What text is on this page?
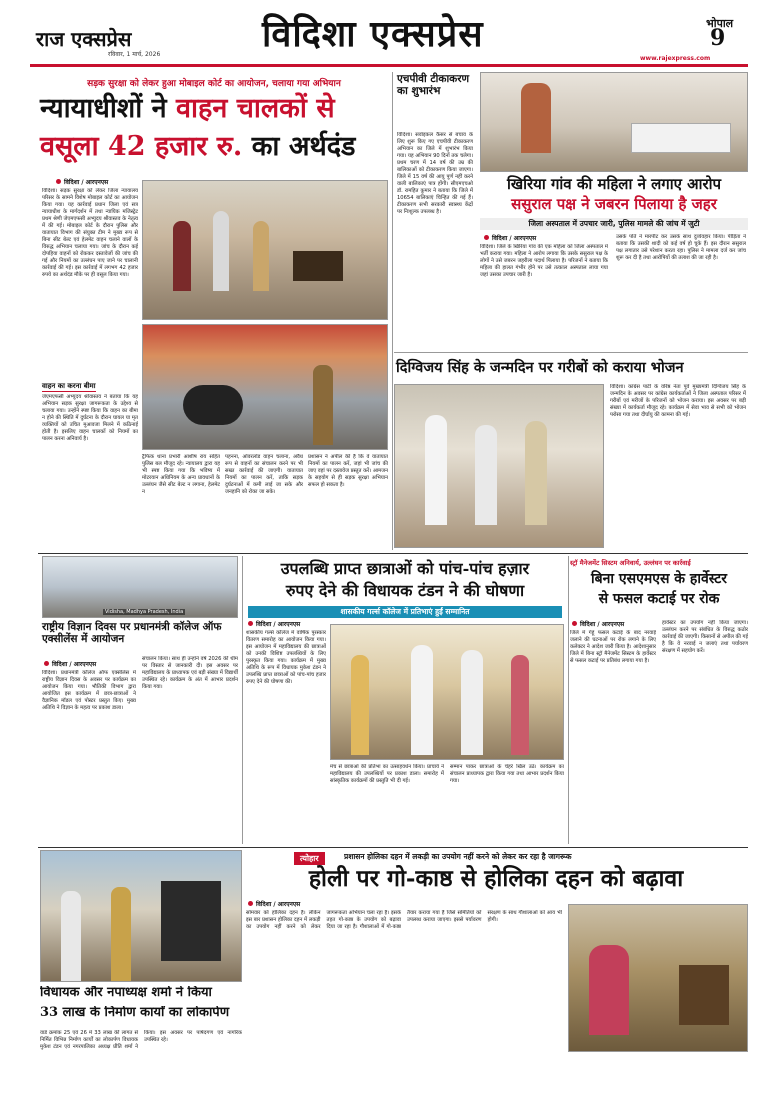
राज एक्सप्रेस
रविवार, 1 मार्च, 2026	विदिशा एक्सप्रेस	भोपाल
9
www.rajexpress.com
सड़क सुरक्षा को लेकर हुआ मोबाइल कोर्ट का आयोजन, चलाया गया अभियान
न्यायाधीशों ने वाहन चालकों से
वसूला 42 हजार रु. का अर्थदंड
विदिशा / आरएनएस
विदिशा। सड़क सुरक्षा को लेकर जिला न्यायालय परिसर के सामने विशेष मोबाइल कोर्ट का आयोजन किया गया। यह कार्रवाई प्रधान जिला एवं सत्र न्यायाधीश के मार्गदर्शन में तथा न्यायिक मजिस्ट्रेट प्रथम श्रेणी जेएमएफसी अभ्युदय श्रीवास्तव के नेतृत्व में की गई। मोबाइल कोर्ट के दौरान पुलिस और यातायात विभाग की संयुक्त टीम ने मुख्य रूप से बिना सीट बेल्ट एवं हेलमेट वाहन चलाने वालों के विरुद्ध अभियान चलाया गया। जांच के दौरान कई दोपहिया वाहनों को रोककर दस्तावेजों की जांच की गई और नियमों का उल्लंघन पाए जाने पर चालानी कार्रवाई की गई। इस कार्रवाई में लगभग 42 हजार रुपये का अर्थदंड मौके पर ही वसूल किया गया।
वाहन का करना बीमा
जेएमएफसी अभ्युदय श्रीवास्तव ने बताया कि यह अभियान सड़क सुरक्षा जागरूकता के उद्देश्य से चलाया गया। उन्होंने स्पष्ट किया कि वाहन का बीमा न होने की स्थिति में दुर्घटना के दौरान घायल या मृत व्यक्तियों को उचित मुआवजा मिलने में कठिनाई होती है। इसलिए वाहन चालकों को नियमों का पालन करना अनिवार्य है।
ट्रैफिक थाना प्रभारी आशीष राय सहित पुलिस बल मौजूद रहे। न्यायालय द्वारा यह भी स्पष्ट किया गया कि भविष्य में मोटरयान अधिनियम के अन्य प्रावधानों के उल्लंघन जैसे सीट बेल्ट न लगाना, हेलमेट न
पहनना, ओवरलोड वाहन चलाना, अवैध रूप से वाहनों का संचालन करने पर भी सख्त कार्रवाई की जाएगी। यातायात नियमों का पालन करें, ताकि सड़क दुर्घटनाओं में कमी लाई जा सके और जनहानि को रोका जा सके।
प्रशासन ने अपील की है कि वे यातायात नियमों का पालन करें, जहां भी जांच की जाए वहां पर दस्तावेज प्रस्तुत करें। आमजन के सहयोग से ही सड़क सुरक्षा अभियान सफल हो सकता है।
एचपीवी टीकाकरण का शुभारंभ
विदिशा। सर्वाइकल कैंसर से बचाव के लिए शुरू किए गए एचपीवी टीकाकरण अभियान का जिले में शुभारंभ किया गया। यह अभियान 90 दिनों तक चलेगा। प्रथम चरण में 14 वर्ष की उम्र की बालिकाओं को टीकाकरण किया जाएगा। जिले में 15 वर्ष की आयु पूर्ण नहीं करने वाली बालिकाएं पात्र होंगी। सीएमएचओ डॉ. रामहित कुमार ने बताया कि जिले में 10654 बालिकाएं चिन्हित की गई हैं। टीकाकरण सभी सरकारी स्वास्थ्य केंद्रों पर निःशुल्क उपलब्ध है।
खिरिया गांव की महिला ने लगाए आरोप
ससुराल पक्ष ने जबरन पिलाया है जहर
जिला अस्पताल में उपचार जारी, पुलिस मामले की जांच में जुटी
विदिशा / आरएनएस
विदिशा। जिले के खिरिया गांव की एक महिला को जिला अस्पताल में भर्ती कराया गया। महिला ने आरोप लगाया कि उसके ससुराल पक्ष के लोगों ने उसे जबरन जहरीला पदार्थ पिलाया है। परिजनों ने बताया कि महिला की हालत गंभीर होने पर उसे तत्काल अस्पताल लाया गया जहां उसका उपचार जारी है।
उसके पति ने मारपीट कर उसके साथ दुर्व्यवहार किया। पीड़िता ने बताया कि उसकी शादी को कई वर्ष हो चुके हैं। इस दौरान ससुराल पक्ष लगातार उसे परेशान करता रहा। पुलिस ने मामला दर्ज कर जांच शुरू कर दी है तथा आरोपियों की तलाश की जा रही है।
दिग्विजय सिंह के जन्मदिन पर गरीबों को कराया भोजन
विदिशा। कांग्रेस पार्टी के वरिष्ठ नेता पूर्व मुख्यमंत्री दिग्विजय सिंह के जन्मदिन के अवसर पर कांग्रेस कार्यकर्ताओं ने जिला अस्पताल परिसर में गरीबों एवं मरीजों के परिजनों को भोजन कराया। इस अवसर पर बड़ी संख्या में कार्यकर्ता मौजूद रहे। कार्यक्रम में सेवा भाव से सभी को भोजन परोसा गया तथा दीर्घायु की कामना की गई।
Vidisha, Madhya Pradesh, India
राष्ट्रीय विज्ञान दिवस पर प्रधानमंत्री कॉलेज ऑफ एक्सीलेंस में आयोजन
विदिशा / आरएनएस
विदिशा। प्रधानमंत्री कॉलेज ऑफ एक्सीलेंस में राष्ट्रीय विज्ञान दिवस के अवसर पर कार्यक्रम का आयोजन किया गया। भौतिकी विभाग द्वारा आयोजित इस कार्यक्रम में छात्र-छात्राओं ने वैज्ञानिक मॉडल एवं पोस्टर प्रस्तुत किए। मुख्य अतिथि ने विज्ञान के महत्व पर प्रकाश डाला।
संचालन किया। साथ ही उन्होंने वर्ष 2026 की थीम पर विस्तार से जानकारी दी। इस अवसर पर महाविद्यालय के प्राध्यापक एवं बड़ी संख्या में विद्यार्थी उपस्थित रहे। कार्यक्रम के अंत में आभार प्रदर्शन किया गया।
उपलब्धि प्राप्त छात्राओं को पांच-पांच हज़ार
रुपए देने की विधायक टंडन ने की घोषणा
शासकीय गर्ल्स कॉलेज में प्रतिभाएं हुईं सम्मानित
विदिशा / आरएनएस
शासकीय गर्ल्स कॉलेज में वार्षिक पुरस्कार वितरण समारोह का आयोजन किया गया। इस आयोजन में महाविद्यालय की छात्राओं को उनकी विशिष्ट उपलब्धियों के लिए पुरस्कृत किया गया। कार्यक्रम में मुख्य अतिथि के रूप में विधायक मुकेश टंडन ने उपलब्धि प्राप्त छात्राओं को पांच-पांच हजार रुपए देने की घोषणा की।
मंच से छात्राओं की प्रतिभा का उत्साहवर्धन किया। प्राचार्य ने महाविद्यालय की उपलब्धियों पर प्रकाश डाला। समारोह में सांस्कृतिक कार्यक्रमों की प्रस्तुति भी दी गई।
सम्मान पाकर छात्राओं के चेहरे खिल उठे। कार्यक्रम का संचालन प्राध्यापक द्वारा किया गया तथा आभार प्रदर्शन किया गया।
स्ट्रॉ मैनेजमेंट सिस्टम अनिवार्य, उल्लंघन पर कार्रवाई
बिना एसएमएस के हार्वेस्टर
से फसल कटाई पर रोक
विदिशा / आरएनएस
जिले में गेहूं फसल कटाई के बाद नरवाई जलाने की घटनाओं पर रोक लगाने के लिए कलेक्टर ने आदेश जारी किया है। आदेशानुसार जिले में बिना स्ट्रॉ मैनेजमेंट सिस्टम के हार्वेस्टर से फसल कटाई पर प्रतिबंध लगाया गया है।
हार्वेस्टर का उपयोग नहीं किया जाएगा। उल्लंघन करने पर संबंधित के विरुद्ध कठोर कार्रवाई की जाएगी। किसानों से अपील की गई है कि वे नरवाई न जलाएं तथा पर्यावरण संरक्षण में सहयोग करें।
त्योहार	प्रशासन होलिका दहन में लकड़ी का उपयोग नहीं करने को लेकर कर रहा है जागरूक
होली पर गो-काष्ठ से होलिका दहन को बढ़ावा
विदिशा / आरएनएस
सोमवार को होलिका दहन है। लेकिन इस बार प्रशासन होलिका दहन में लकड़ी का उपयोग नहीं करने को लेकर जागरूकता अभियान चला रहा है। इसके तहत गो-काष्ठ के उपयोग को बढ़ावा दिया जा रहा है। गौशालाओं में गो-काष्ठ तैयार कराया गया है जिसे समितियों को उपलब्ध कराया जाएगा। इससे पर्यावरण संरक्षण के साथ गौशालाओं को आय भी होगी।
विधायक और नपाध्यक्ष शर्मा ने किया
33 लाख के निर्माण कार्यों का लोकार्पण
वार्ड क्रमांक 25 एवं 26 में 33 लाख की लागत से निर्मित विभिन्न निर्माण कार्यों का लोकार्पण विधायक मुकेश टंडन एवं नगरपालिका अध्यक्ष प्रीति शर्मा ने किया। इस अवसर पर पार्षदगण एवं नागरिक उपस्थित रहे।
